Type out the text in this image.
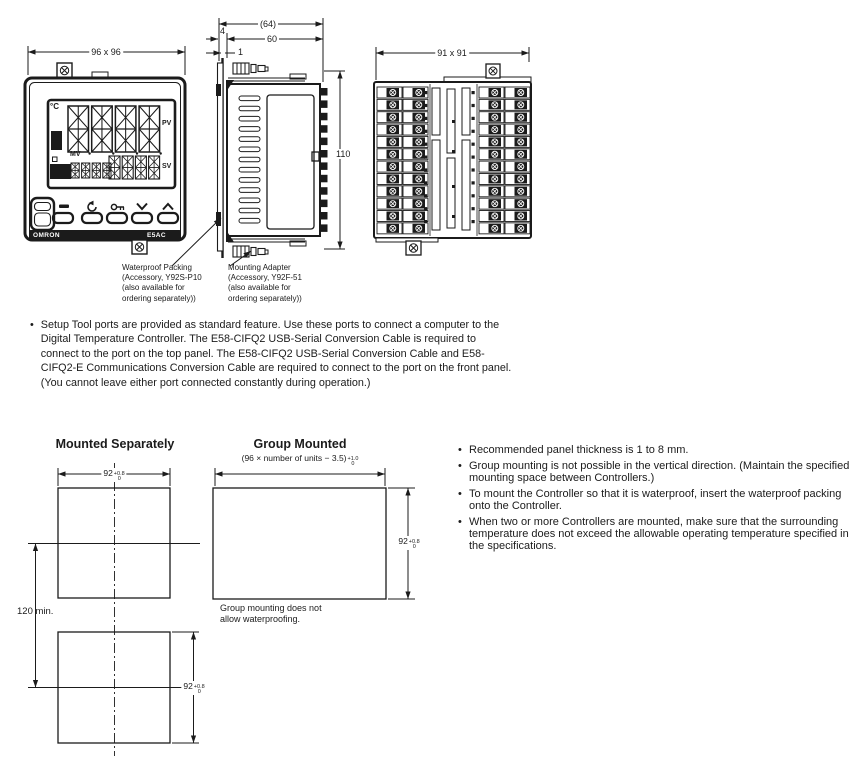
96 x 96
(64)
60
4
1
110
91 x 91
°C
PV
MV
SV
OMRON	E5AC
Waterproof Packing
(Accessory, Y92S-P10
(also available for
ordering separately))
Mounting Adapter
(Accessory, Y92F-51
(also available for
ordering separately))
• Setup Tool ports are provided as standard feature. Use these ports to connect a computer to the
Digital Temperature Controller. The E58-CIFQ2 USB-Serial Conversion Cable is required to
connect to the port on the top panel. The E58-CIFQ2 USB-Serial Conversion Cable and E58-
CIFQ2-E Communications Conversion Cable are required to connect to the port on the front panel.
(You cannot leave either port connected constantly during operation.)
Mounted Separately	Group Mounted
(96 × number of units − 3.5) +1.0
0
92 +0.8
0
92 +0.8
0
120 min.
92 +0.8
0
Group mounting does not
allow waterproofing.
• Recommended panel thickness is 1 to 8 mm.
• Group mounting is not possible in the vertical direction. (Maintain the specified mounting space between Controllers.)
• To mount the Controller so that it is waterproof, insert the waterproof packing onto the Controller.
• When two or more Controllers are mounted, make sure that the surrounding temperature does not exceed the allowable operating temperature specified in the specifications.
